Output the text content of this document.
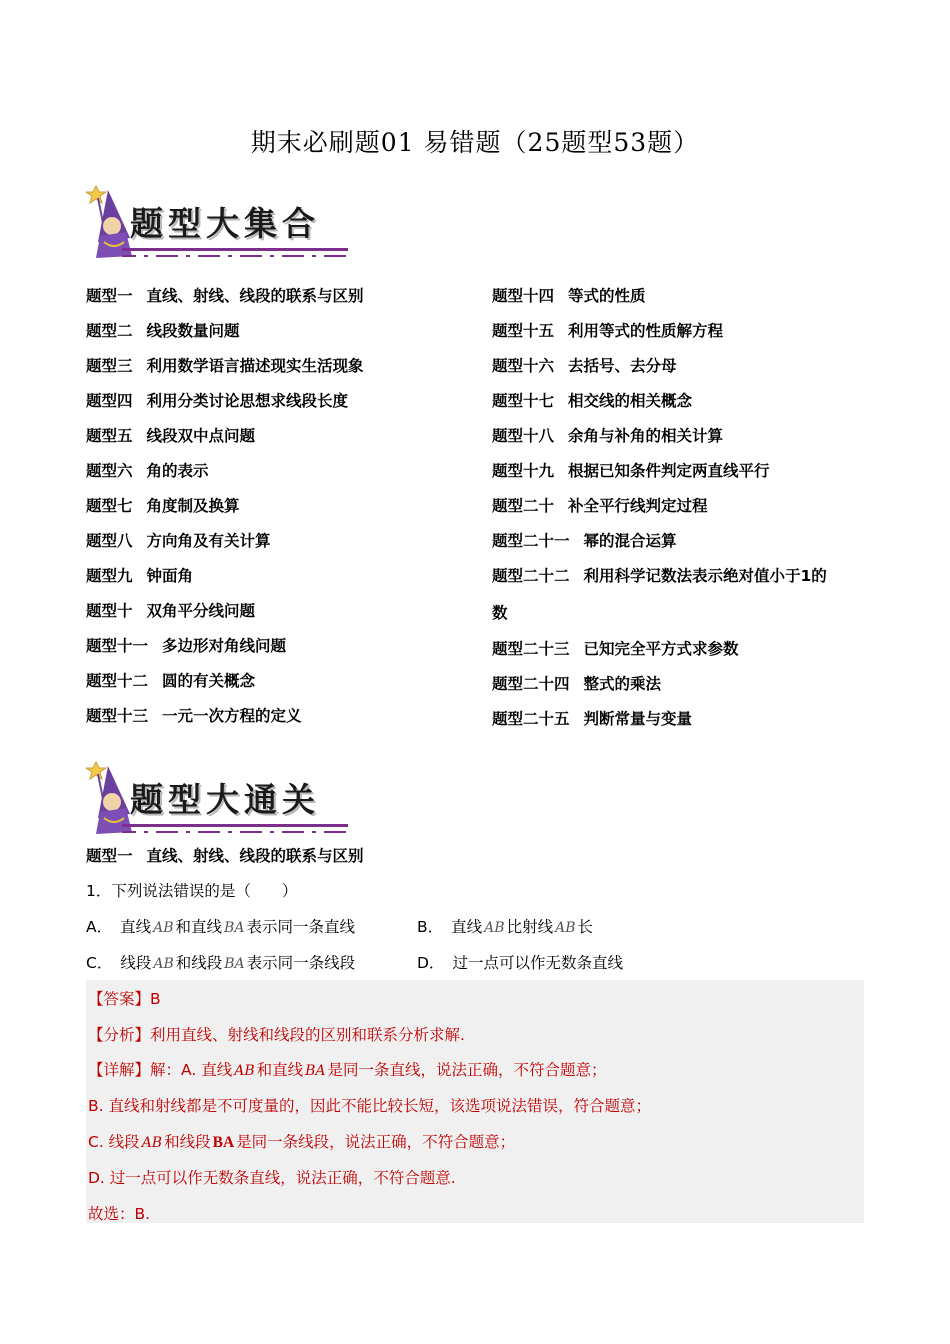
期末必刷题01 易错题（25题型53题）
题型大集合
题型一 直线、射线、线段的联系与区别
题型二 线段数量问题
题型三 利用数学语言描述现实生活现象
题型四 利用分类讨论思想求线段长度
题型五 线段双中点问题
题型六 角的表示
题型七 角度制及换算
题型八 方向角及有关计算
题型九 钟面角
题型十 双角平分线问题
题型十一 多边形对角线问题
题型十二 圆的有关概念
题型十三 一元一次方程的定义
题型十四 等式的性质
题型十五 利用等式的性质解方程
题型十六 去括号、去分母
题型十七 相交线的相关概念
题型十八 余角与补角的相关计算
题型十九 根据已知条件判定两直线平行
题型二十 补全平行线判定过程
题型二十一 幂的混合运算
题型二十二 利用科学记数法表示绝对值小于1的
数
题型二十三 已知完全平方式求参数
题型二十四 整式的乘法
题型二十五 判断常量与变量
题型大通关
题型一 直线、射线、线段的联系与区别
1．下列说法错误的是（　　）
A． 直线 AB 和直线 BA 表示同一条直线	B． 直线 AB 比射线 AB 长
C． 线段 AB 和线段 BA 表示同一条线段	D． 过一点可以作无数条直线
【答案】B
【分析】利用直线、射线和线段的区别和联系分析求解.
【详解】解：A. 直线 AB 和直线 BA 是同一条直线，说法正确，不符合题意；
B. 直线和射线都是不可度量的，因此不能比较长短，该选项说法错误，符合题意；
C. 线段 AB 和线段 BA 是同一条线段，说法正确，不符合题意；
D. 过一点可以作无数条直线，说法正确，不符合题意.
故选：B.
